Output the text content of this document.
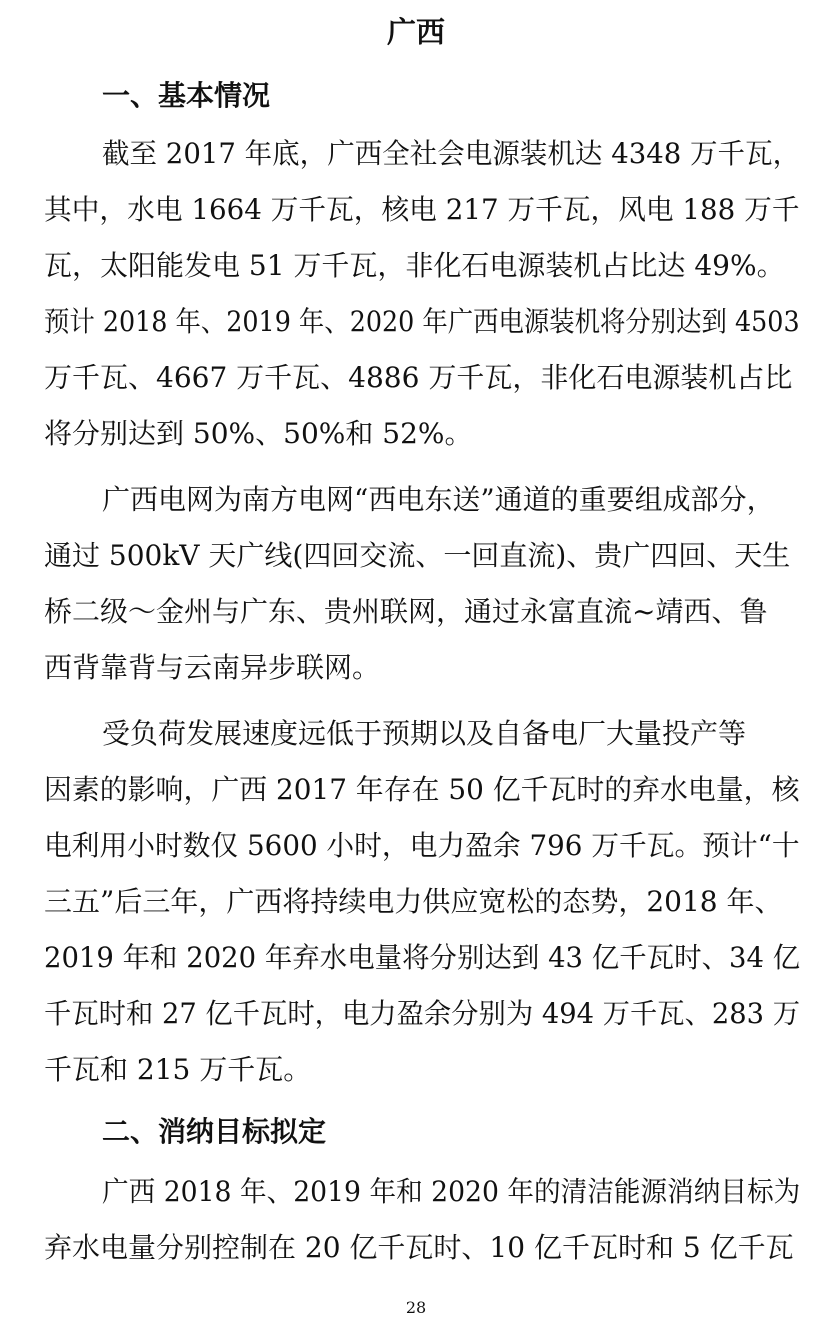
广西
一、基本情况
截至 2017 年底，广西全社会电源装机达 4348 万千瓦，
其中，水电 1664 万千瓦，核电 217 万千瓦，风电 188 万千
瓦，太阳能发电 51 万千瓦，非化石电源装机占比达 49%。
预计 2018 年、2019 年、2020 年广西电源装机将分别达到 4503
万千瓦、4667 万千瓦、4886 万千瓦，非化石电源装机占比
将分别达到 50%、50%和 52%。
广西电网为南方电网“西电东送”通道的重要组成部分，
通过 500kV 天广线(四回交流、一回直流)、贵广四回、天生
桥二级～金州与广东、贵州联网，通过永富直流~靖西、鲁
西背靠背与云南异步联网。
受负荷发展速度远低于预期以及自备电厂大量投产等
因素的影响，广西 2017 年存在 50 亿千瓦时的弃水电量，核
电利用小时数仅 5600 小时，电力盈余 796 万千瓦。预计“十
三五”后三年，广西将持续电力供应宽松的态势，2018 年、
2019 年和 2020 年弃水电量将分别达到 43 亿千瓦时、34 亿
千瓦时和 27 亿千瓦时，电力盈余分别为 494 万千瓦、283 万
千瓦和 215 万千瓦。
二、消纳目标拟定
广西 2018 年、2019 年和 2020 年的清洁能源消纳目标为
弃水电量分别控制在 20 亿千瓦时、10 亿千瓦时和 5 亿千瓦
28
